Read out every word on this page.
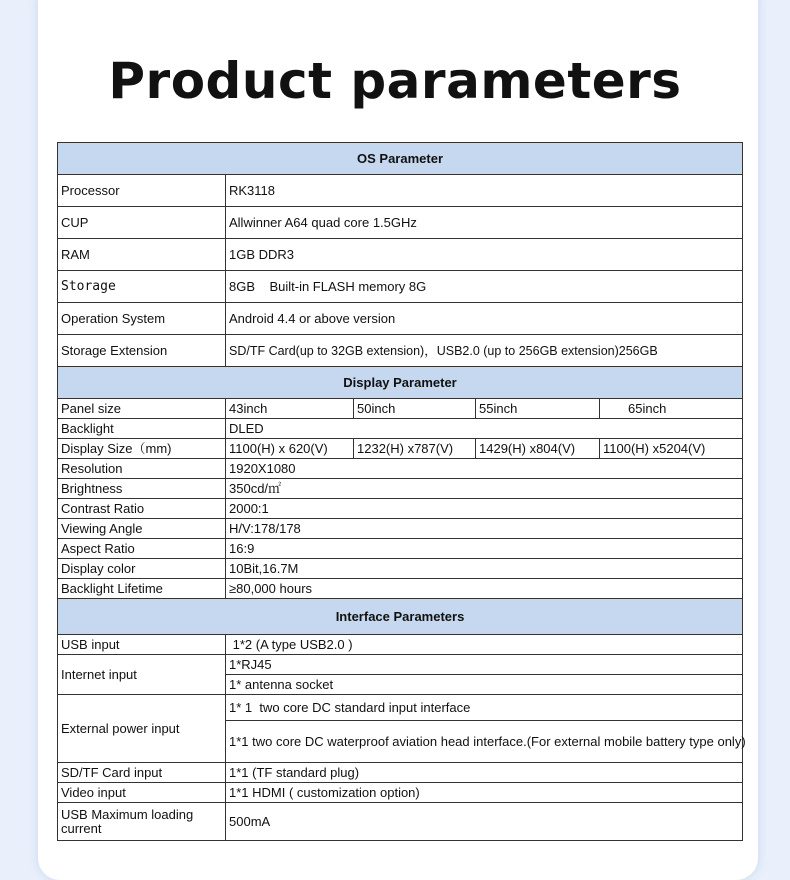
Product parameters
OS Parameter				
Processor	RK3118			
CUP	Allwinner A64 quad core 1.5GHz			
RAM	1GB DDR3			
Storage	8GB    Built-in FLASH memory 8G			
Operation System	Android 4.4 or above version			
Storage Extension	SD/TF Card(up to 32GB extension)，USB2.0 (up to 256GB extension)256GB			
Display Parameter				
Panel size	43inch	50inch	55inch	65inch
Backlight	DLED			
Display Size（mm)	1100(H) x 620(V)	1232(H) x787(V)	1429(H) x804(V)	1100(H) x5204(V)
Resolution	1920X1080			
Brightness	350cd/㎡			
Contrast Ratio	2000:1			
Viewing Angle	H/V:178/178			
Aspect Ratio	16:9			
Display color	10Bit,16.7M			
Backlight Lifetime	≥80,000 hours			
Interface Parameters				
USB input	1*2 (A type USB2.0 )			
Internet input	1*RJ45			
	1* antenna socket			
External power input	1* 1  two core DC standard input interface			
	1*1 two core DC waterproof aviation head interface.(For external mobile battery type only)			
SD/TF Card input	1*1 (TF standard plug)			
Video input	1*1 HDMI ( customization option)			

USB Maximum loading current	500mA			
